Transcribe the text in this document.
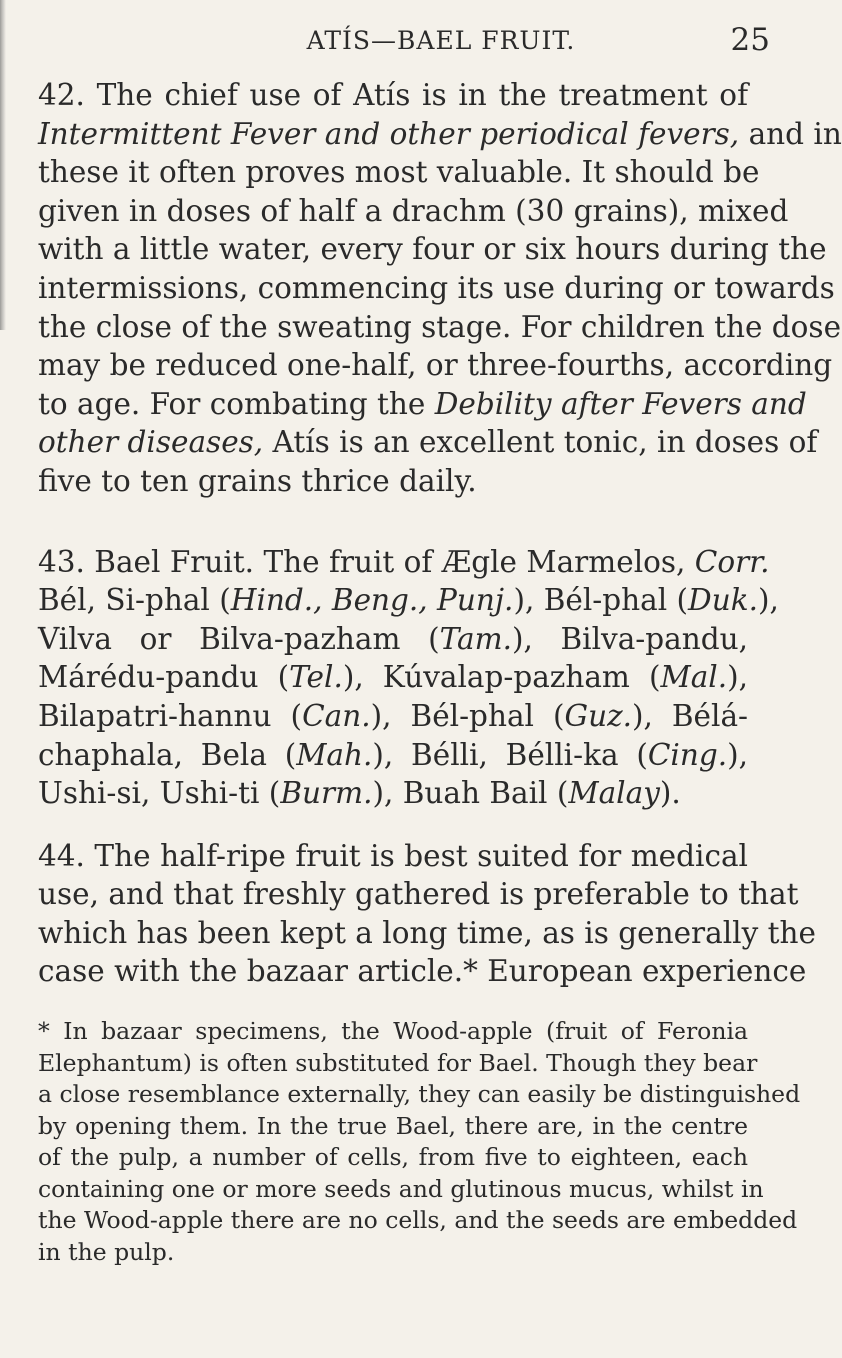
ATÍS—BAEL FRUIT.	25
42. The chief use of Atís is in the treatment of
Intermittent Fever and other periodical fevers, and in
these it often proves most valuable. It should be
given in doses of half a drachm (30 grains), mixed
with a little water, every four or six hours during the
intermissions, commencing its use during or towards
the close of the sweating stage. For children the dose
may be reduced one-half, or three-fourths, according
to age. For combating the Debility after Fevers and
other diseases, Atís is an excellent tonic, in doses of
five to ten grains thrice daily.
43. Bael Fruit. The fruit of Ægle Marmelos, Corr.
Bél, Si-phal (Hind., Beng., Punj.), Bél-phal (Duk.),
Vilva or Bilva-pazham (Tam.), Bilva-pandu,
Márédu-pandu (Tel.), Kúvalap-pazham (Mal.),
Bilapatri-hannu (Can.), Bél-phal (Guz.), Bélá-
chaphala, Bela (Mah.), Bélli, Bélli-ka (Cing.),
Ushi-si, Ushi-ti (Burm.), Buah Bail (Malay).
44. The half-ripe fruit is best suited for medical
use, and that freshly gathered is preferable to that
which has been kept a long time, as is generally the
case with the bazaar article.* European experience
* In bazaar specimens, the Wood-apple (fruit of Feronia
Elephantum) is often substituted for Bael. Though they bear
a close resemblance externally, they can easily be distinguished
by opening them. In the true Bael, there are, in the centre
of the pulp, a number of cells, from five to eighteen, each
containing one or more seeds and glutinous mucus, whilst in
the Wood-apple there are no cells, and the seeds are embedded
in the pulp.
